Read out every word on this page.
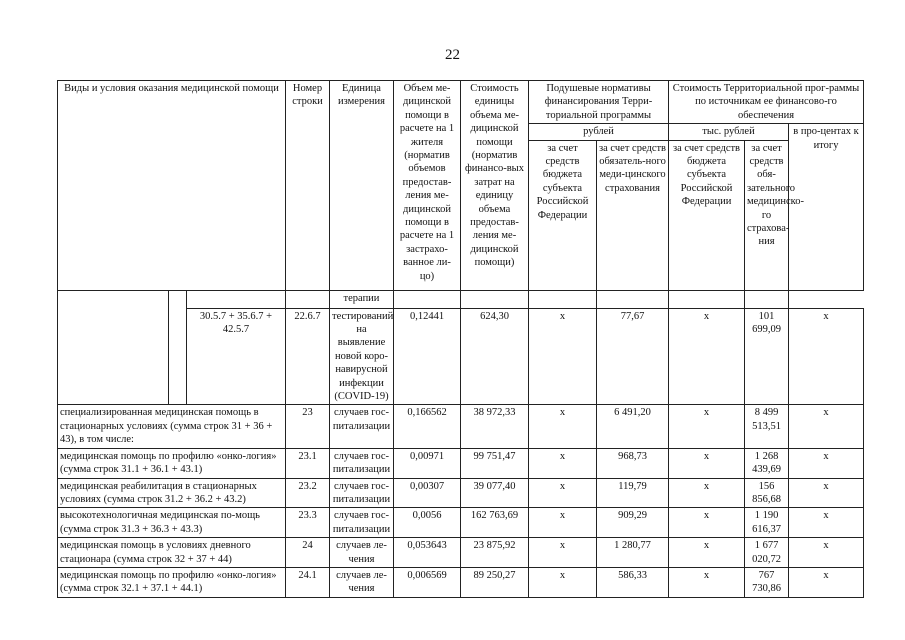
22
Виды и условия оказания медицинской помощи			Номер строки	Единица измерения	Объем ме-дицинской помощи в расчете на 1 жителя (норматив объемов предостав-ления ме-дицинской помощи в расчете на 1 застрахо-ванное ли-цо)	Стоимость единицы объема ме-дицинской помощи (норматив финансо-вых затрат на единицу объема предостав-ления ме-дицинской помощи)	Подушевые нормативы финансирования Терри-ториальной программы		Стоимость Территориальной прог-раммы по источникам ее финансово-го обеспечения		
							рублей		тыс. рублей		в про-центах к итогу
							за счет средств бюджета субъекта Российской Федерации	за счет средств обязатель-ного меди-цинского страхования	за счет средств бюджета субъекта Российской Федерации	за счет средств обя-зательного медицинско-го страхова-ния	
				терапии							
		30.5.7 + 35.6.7 + 42.5.7	22.6.7	тестирований на выявление новой коро-навирусной инфекции (COVID-19)	0,12441	624,30	x	77,67	x	101 699,09	x
специализированная медицинская помощь в стационарных условиях (сумма строк 31 + 36 + 43), в том числе:			23	случаев гос-питализации	0,166562	38 972,33	x	6 491,20	x	8 499 513,51	x
медицинская помощь по профилю «онко-логия» (сумма строк 31.1 + 36.1 + 43.1)			23.1	случаев гос-питализации	0,00971	99 751,47	x	968,73	x	1 268 439,69	x
медицинская реабилитация в стационарных условиях (сумма строк 31.2 + 36.2 + 43.2)			23.2	случаев гос-питализации	0,00307	39 077,40	x	119,79	x	156 856,68	x
высокотехнологичная медицинская по-мощь (сумма строк 31.3 + 36.3 + 43.3)			23.3	случаев гос-питализации	0,0056	162 763,69	x	909,29	x	1 190 616,37	x
медицинская помощь в условиях дневного стационара (сумма строк 32 + 37 + 44)			24	случаев ле-чения	0,053643	23 875,92	x	1 280,77	x	1 677 020,72	x
медицинская помощь по профилю «онко-логия» (сумма строк 32.1 + 37.1 + 44.1)			24.1	случаев ле-чения	0,006569	89 250,27	x	586,33	x	767 730,86	x
